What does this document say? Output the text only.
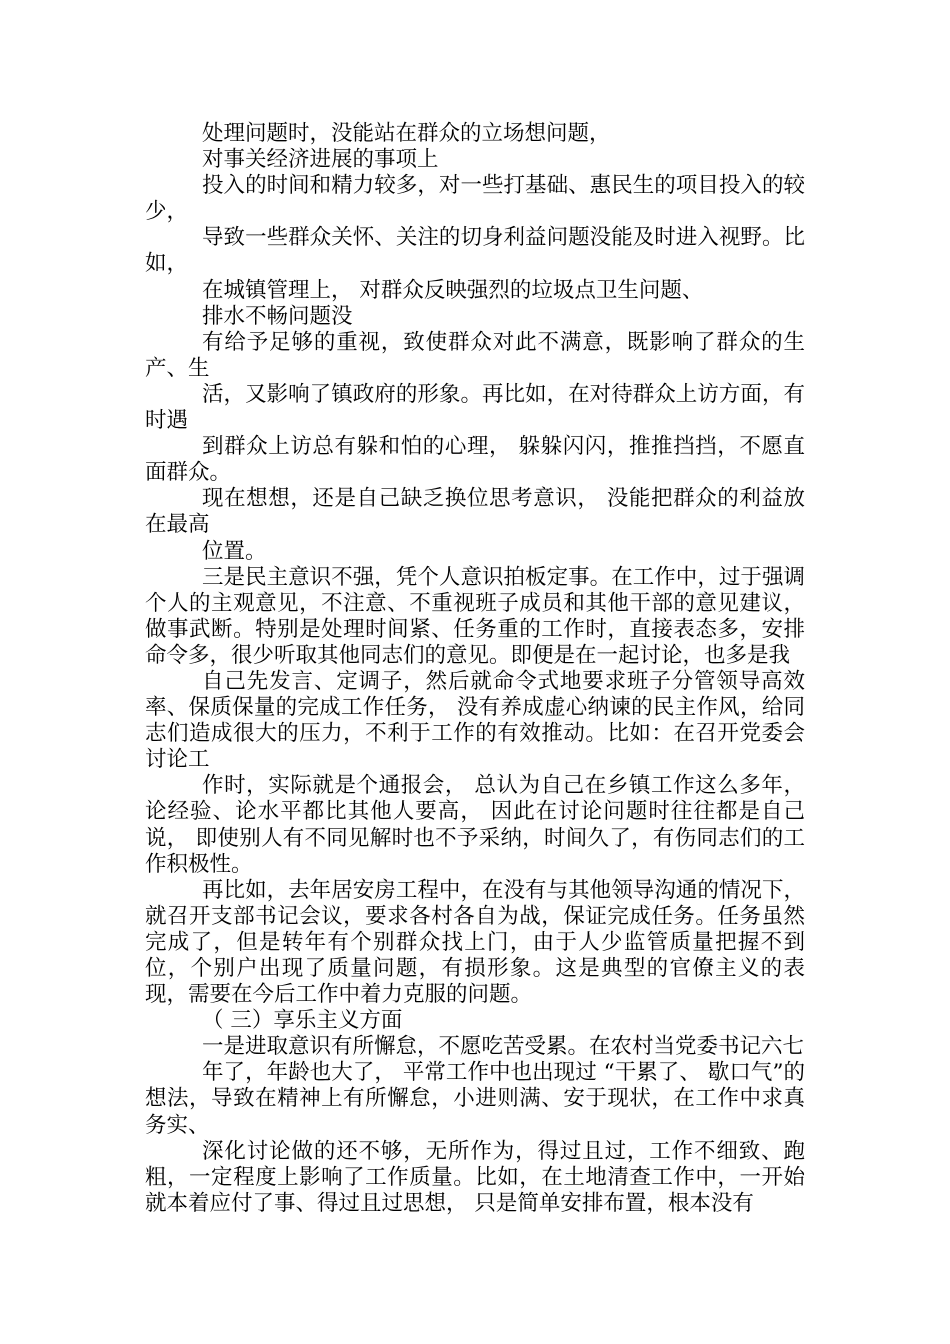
处理问题时，没能站在群众的立场想问题，

对事关经济进展的事项上

投入的时间和精力较多，对一些打基础、惠民生的项目投入的较少，

导致一些群众关怀、关注的切身利益问题没能及时进入视野。比如，

在城镇管理上， 对群众反映强烈的垃圾点卫生问题、

排水不畅问题没

有给予足够的重视，致使群众对此不满意，既影响了群众的生产、生

活，又影响了镇政府的形象。再比如，在对待群众上访方面，有时遇

到群众上访总有躲和怕的心理， 躲躲闪闪，推推挡挡，不愿直面群众。

现在想想，还是自己缺乏换位思考意识， 没能把群众的利益放在最高

位置。

三是民主意识不强，凭个人意识拍板定事。在工作中，过于强调个人的主观意见，不注意、不重视班子成员和其他干部的意见建议，做事武断。特别是处理时间紧、任务重的工作时，直接表态多，安排命令多，很少听取其他同志们的意见。即便是在一起讨论，也多是我

自己先发言、定调子，然后就命令式地要求班子分管领导高效率、保质保量的完成工作任务， 没有养成虚心纳谏的民主作风，给同志们造成很大的压力，不利于工作的有效推动。比如：在召开党委会讨论工

作时，实际就是个通报会， 总认为自己在乡镇工作这么多年， 论经验、论水平都比其他人要高， 因此在讨论问题时往往都是自己说， 即使别人有不同见解时也不予采纳，时间久了，有伤同志们的工作积极性。

再比如，去年居安房工程中，在没有与其他领导沟通的情况下，就召开支部书记会议，要求各村各自为战，保证完成任务。任务虽然完成了，但是转年有个别群众找上门，由于人少监管质量把握不到位，个别户出现了质量问题，有损形象。这是典型的官僚主义的表现，需要在今后工作中着力克服的问题。

（ 三）享乐主义方面

一是进取意识有所懈怠，不愿吃苦受累。在农村当党委书记六七

年了，年龄也大了， 平常工作中也出现过 “干累了、 歇口气”的想法，导致在精神上有所懈怠，小进则满、安于现状，在工作中求真务实、

深化讨论做的还不够，无所作为，得过且过，工作不细致、跑粗，一定程度上影响了工作质量。比如，在土地清查工作中，一开始就本着应付了事、得过且过思想， 只是简单安排布置，根本没有
